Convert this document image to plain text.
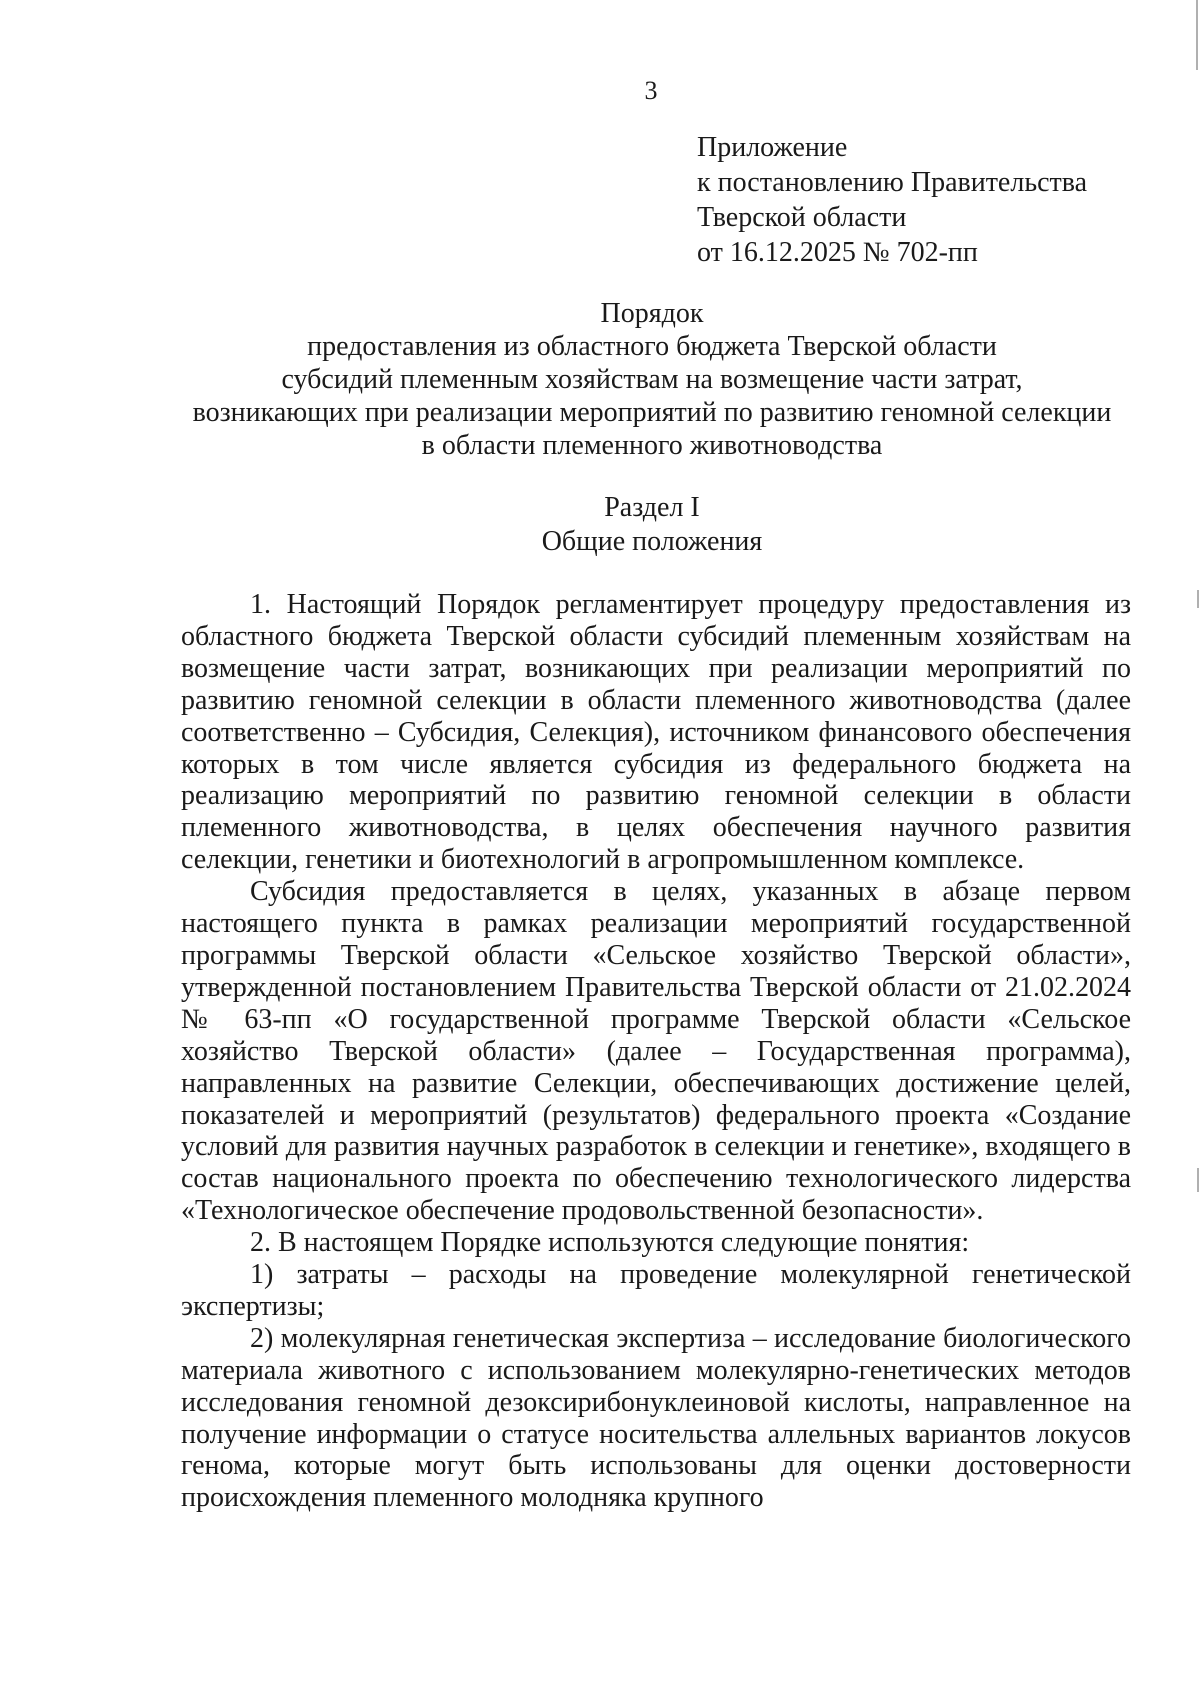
3
Приложение
к постановлению Правительства
Тверской области
от 16.12.2025 № 702-пп
Порядок
предоставления из областного бюджета Тверской области
субсидий племенным хозяйствам на возмещение части затрат,
возникающих при реализации мероприятий по развитию геномной селекции
в области племенного животноводства
Раздел I
Общие положения

1. Настоящий Порядок регламентирует процедуру предоставления из областного бюджета Тверской области субсидий племенным хозяйствам на возмещение части затрат, возникающих при реализации мероприятий по развитию геномной селекции в области племенного животноводства (далее соответственно – Субсидия, Селекция), источником финансового обеспечения которых в том числе является субсидия из федерального бюджета на реализацию мероприятий по развитию геномной селекции в области племенного животноводства, в целях обеспечения научного развития селекции, генетики и биотехнологий в агропромышленном комплексе.

Субсидия предоставляется в целях, указанных в абзаце первом настоящего пункта в рамках реализации мероприятий государственной программы Тверской области «Сельское хозяйство Тверской области», утвержденной постановлением Правительства Тверской области от 21.02.2024 № 63-пп «О государственной программе Тверской области «Сельское хозяйство Тверской области» (далее – Государственная программа), направленных на развитие Селекции, обеспечивающих достижение целей, показателей и мероприятий (результатов) федерального проекта «Создание условий для развития научных разработок в селекции и генетике», входящего в состав национального проекта по обеспечению технологического лидерства «Технологическое обеспечение продовольственной безопасности».

2. В настоящем Порядке используются следующие понятия:

1) затраты – расходы на проведение молекулярной генетической экспертизы;

2) молекулярная генетическая экспертиза – исследование биологического материала животного с использованием молекулярно-генетических методов исследования геномной дезоксирибонуклеиновой кислоты, направленное на получение информации о статусе носительства аллельных вариантов локусов генома, которые могут быть использованы для оценки достоверности происхождения племенного молодняка крупного
